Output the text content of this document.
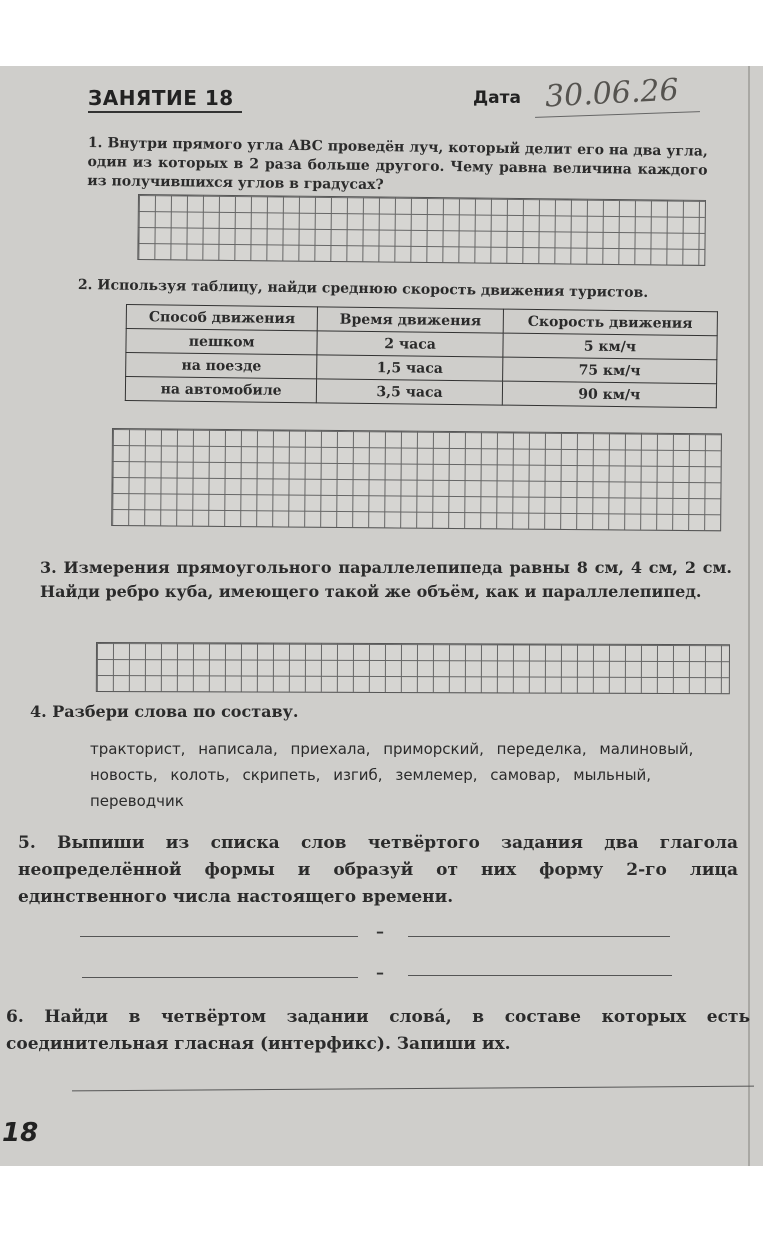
ЗАНЯТИЕ 18	Дата 30.06.26
1. Внутри прямого угла ABC проведён луч, который делит его на два угла, один из которых в 2 раза больше другого. Чему равна величина каждого из получившихся углов в градусах?
2. Используя таблицу, найди среднюю скорость движения туристов.
Способ движения	Время движения	Скорость движения
пешком	2 часа	5 км/ч
на поезде	1,5 часа	75 км/ч
на автомобиле	3,5 часа	90 км/ч
3. Измерения прямоугольного параллелепипеда равны 8 см, 4 см, 2 см. Найди ребро куба, имеющего такой же объём, как и параллелепипед.
4. Разбери слова по составу.
тракторист, написала, приехала, приморский, переделка, малиновый, новость, колоть, скрипеть, изгиб, землемер, самовар, мыльный, переводчик
5. Выпиши из списка слов четвёртого задания два глагола неопределённой формы и образуй от них форму 2-го лица единственного числа настоящего времени.
–
–
6. Найди в четвёртом задании слова́, в составе которых есть соединительная гласная (интерфикс). Запиши их.
18
